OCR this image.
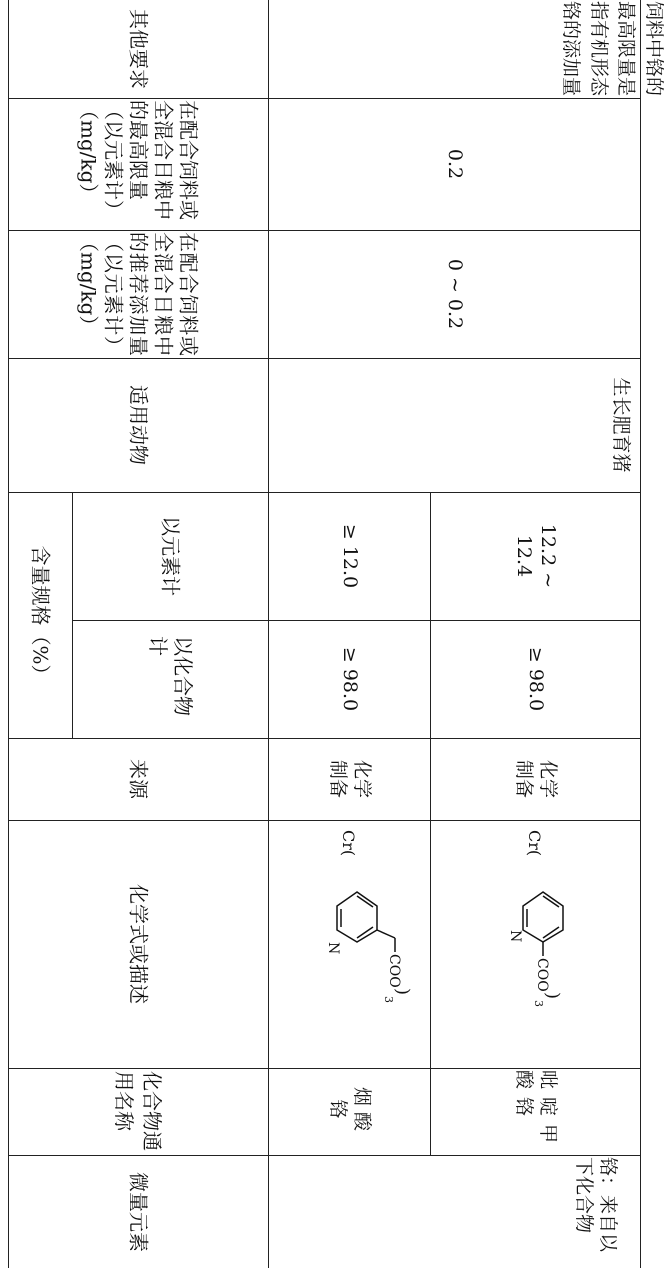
其他要求
在配合饲料或全混合日粮中的最高限量（以元素计）（mg/kg）
在配合饲料或全混合日粮中的推荐添加量（以元素计）（mg/kg）
适用动物
含量规格（%）	以元素计
以化合物计
来源
化学式或描述
化合物通用名称
微量元素
饲料中铬的最高限量是指有机形态铬的添加量
0.2
0 ~ 0.2
生长肥育猪
铬：来自以下化合物
≥ 12.0
≥ 98.0
化学制备
Cr(
N
COO
)
3
烟酸铬
12.2 ~ 12.4
≥ 98.0
化学制备
Cr(
N
COO
)
3
吡啶甲酸铬
